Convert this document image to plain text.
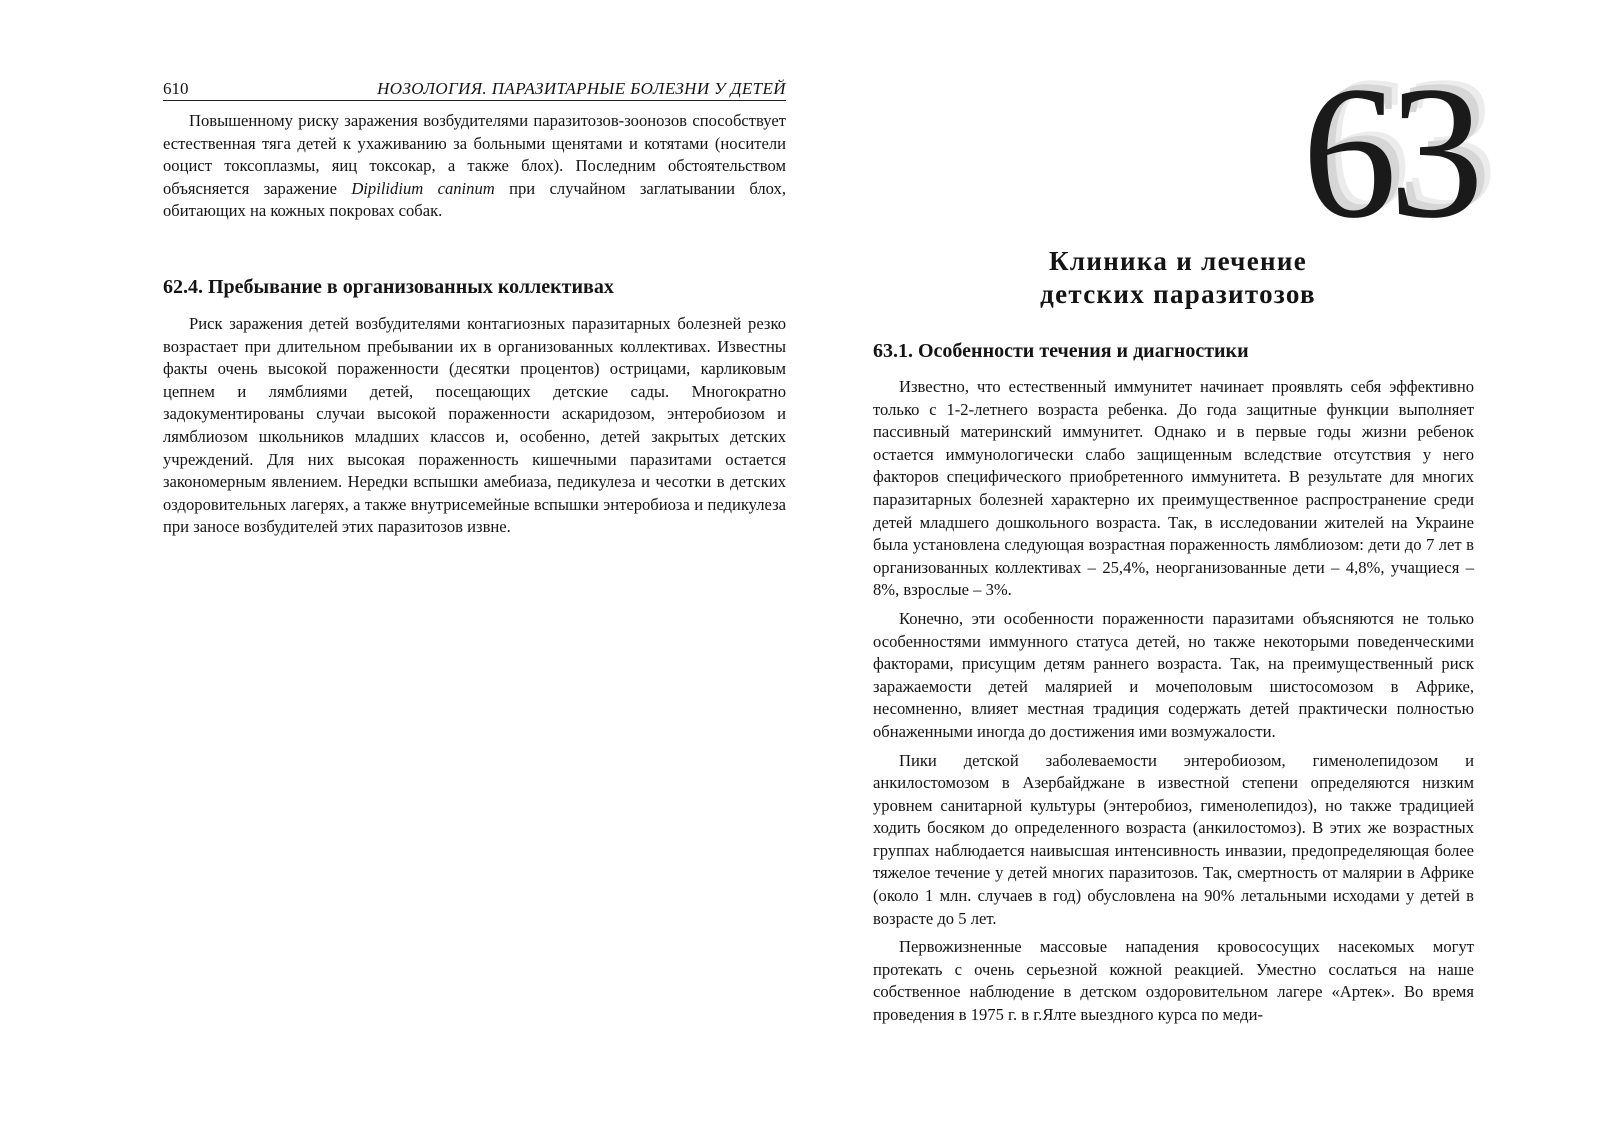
610	НОЗОЛОГИЯ. ПАРАЗИТАРНЫЕ БОЛЕЗНИ У ДЕТЕЙ

Повышенному риску заражения возбудителями паразитозов-зоонозов способствует естественная тяга детей к ухаживанию за больными щенятами и котятами (носители ооцист токсоплазмы, яиц токсокар, а также блох). Последним обстоятельством объясняется заражение Dipilidium caninum при случайном заглатывании блох, обитающих на кожных покровах собак.

62.4. Пребывание в организованных коллективах

Риск заражения детей возбудителями контагиозных паразитарных болезней резко возрастает при длительном пребывании их в организованных коллективах. Известны факты очень высокой пораженности (десятки процентов) острицами, карликовым цепнем и лямблиями детей, посещающих детские сады. Многократно задокументированы случаи высокой пораженности аскаридозом, энтеробиозом и лямблиозом школьников младших классов и, особенно, детей закрытых детских учреждений. Для них высокая пораженность кишечными паразитами остается закономерным явлением. Нередки вспышки амебиаза, педикулеза и чесотки в детских оздоровительных лагерях, а также внутрисемейные вспышки энтеробиоза и педикулеза при заносе возбудителей этих паразитозов извне.

63
Клиника и лечение
детских паразитозов
63.1. Особенности течения и диагностики

Известно, что естественный иммунитет начинает проявлять себя эффективно только с 1-2-летнего возраста ребенка. До года защитные функции выполняет пассивный материнский иммунитет. Однако и в первые годы жизни ребенок остается иммунологически слабо защищенным вследствие отсутствия у него факторов специфического приобретенного иммунитета. В результате для многих паразитарных болезней характерно их преимущественное распространение среди детей младшего дошкольного возраста. Так, в исследовании жителей на Украине была установлена следующая возрастная пораженность лямблиозом: дети до 7 лет в организованных коллективах – 25,4%, неорганизованные дети – 4,8%, учащиеся – 8%, взрослые – 3%.

Конечно, эти особенности пораженности паразитами объясняются не только особенностями иммунного статуса детей, но также некоторыми поведенческими факторами, присущим детям раннего возраста. Так, на преимущественный риск заражаемости детей малярией и мочеполовым шистосомозом в Африке, несомненно, влияет местная традиция содержать детей практически полностью обнаженными иногда до достижения ими возмужалости.

Пики детской заболеваемости энтеробиозом, гименолепидозом и анкилостомозом в Азербайджане в известной степени определяются низким уровнем санитарной культуры (энтеробиоз, гименолепидоз), но также традицией ходить босяком до определенного возраста (анкилостомоз). В этих же возрастных группах наблюдается наивысшая интенсивность инвазии, предопределяющая более тяжелое течение у детей многих паразитозов. Так, смертность от малярии в Африке (около 1 млн. случаев в год) обусловлена на 90% летальными исходами у детей в возрасте до 5 лет.

Первожизненные массовые нападения кровососущих насекомых могут протекать с очень серьезной кожной реакцией. Уместно сослаться на наше собственное наблюдение в детском оздоровительном лагере «Артек». Во время проведения в 1975 г. в г.Ялте выездного курса по меди-
